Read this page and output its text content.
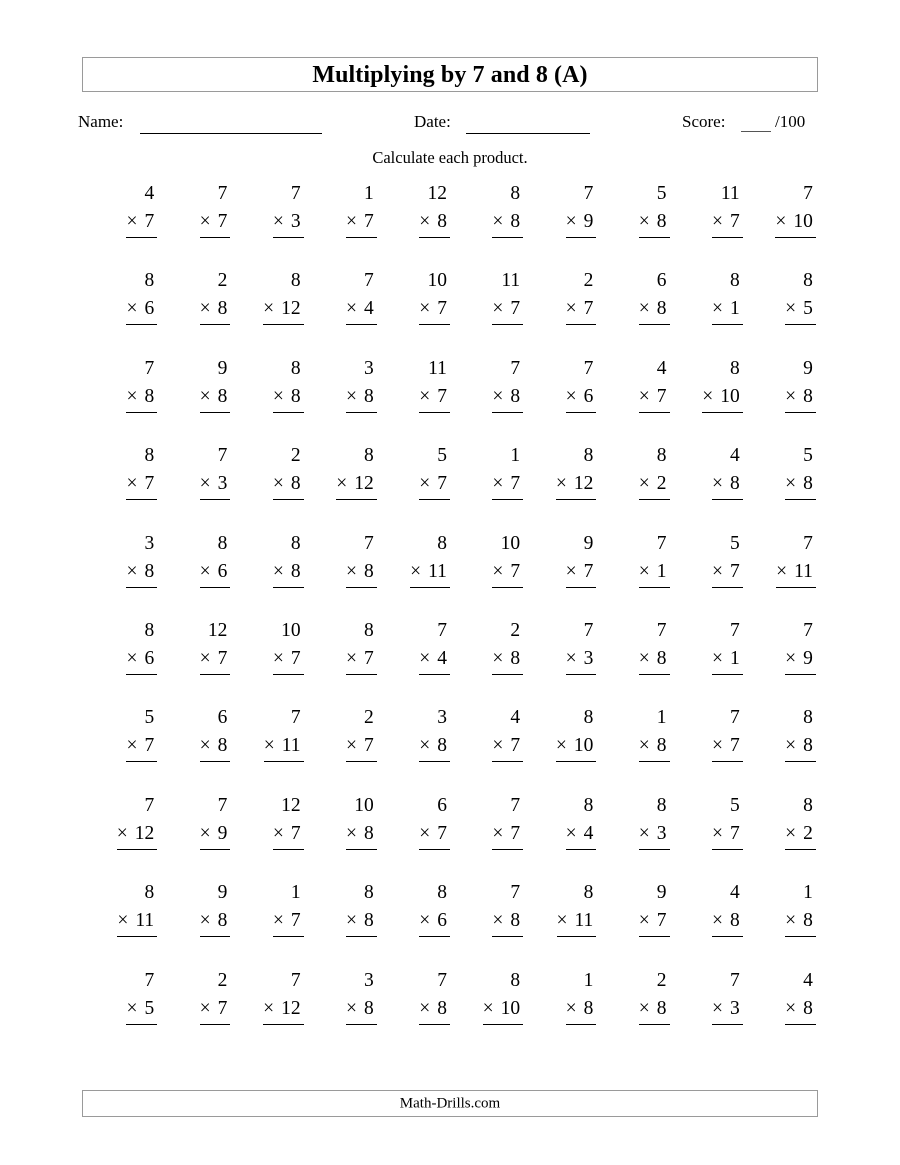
Multiplying by 7 and 8 (A)
Name:	Date:	Score:	/100
Calculate each product.
4
× 7
7
× 7
7
× 3
1
× 7
12
× 8
8
× 8
7
× 9
5
× 8
11
× 7
7
× 10
8
× 6
2
× 8
8
× 12
7
× 4
10
× 7
11
× 7
2
× 7
6
× 8
8
× 1
8
× 5
7
× 8
9
× 8
8
× 8
3
× 8
11
× 7
7
× 8
7
× 6
4
× 7
8
× 10
9
× 8
8
× 7
7
× 3
2
× 8
8
× 12
5
× 7
1
× 7
8
× 12
8
× 2
4
× 8
5
× 8
3
× 8
8
× 6
8
× 8
7
× 8
8
× 11
10
× 7
9
× 7
7
× 1
5
× 7
7
× 11
8
× 6
12
× 7
10
× 7
8
× 7
7
× 4
2
× 8
7
× 3
7
× 8
7
× 1
7
× 9
5
× 7
6
× 8
7
× 11
2
× 7
3
× 8
4
× 7
8
× 10
1
× 8
7
× 7
8
× 8
7
× 12
7
× 9
12
× 7
10
× 8
6
× 7
7
× 7
8
× 4
8
× 3
5
× 7
8
× 2
8
× 11
9
× 8
1
× 7
8
× 8
8
× 6
7
× 8
8
× 11
9
× 7
4
× 8
1
× 8
7
× 5
2
× 7
7
× 12
3
× 8
7
× 8
8
× 10
1
× 8
2
× 8
7
× 3
4
× 8
Math-Drills.com
